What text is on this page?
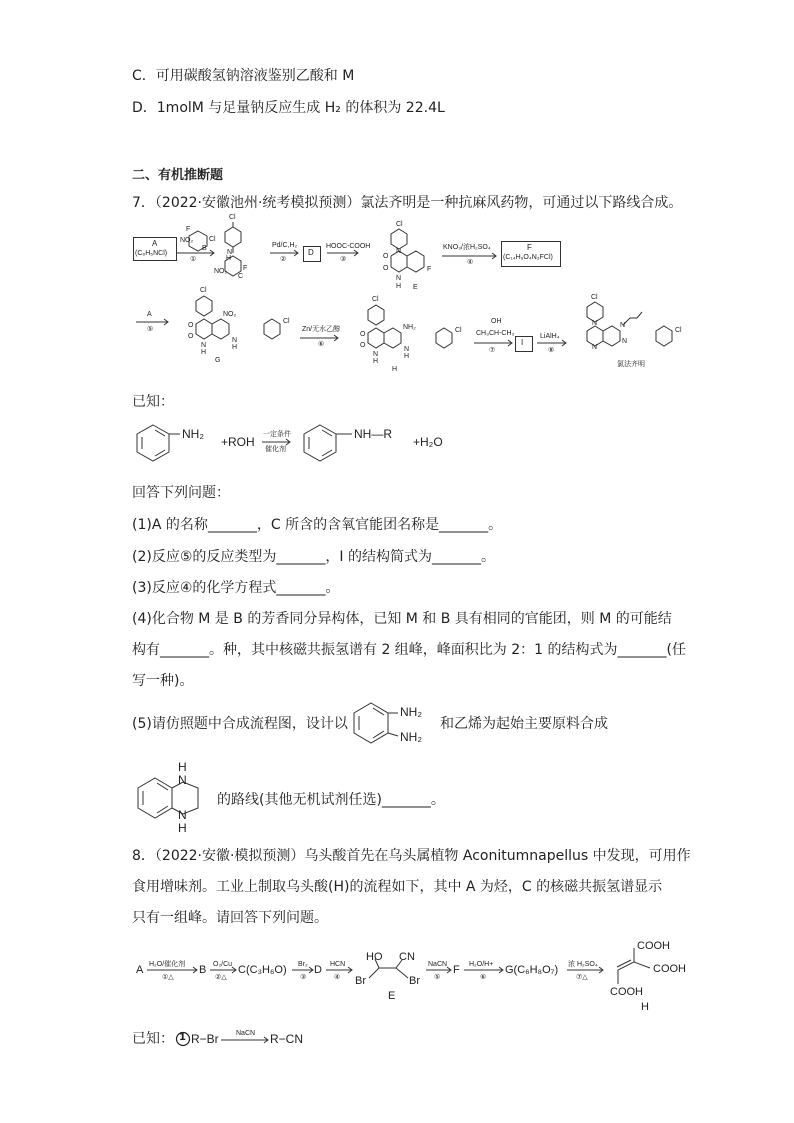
C．可用碳酸氢钠溶液鉴别乙酸和 M
D．1molM 与足量钠反应生成 H₂ 的体积为 22.4L
二、有机推断题
7．（2022·安徽池州·统考模拟预测）氯法齐明是一种抗麻风药物，可通过以下路线合成。
A
(C₆H₅NCl)
NO₂
F
Cl
B
①
Cl
N
H
NO₂
C
F
Pd/C,H₂
②
D
HOOC-COOH
③
Cl
N
O
O
N
H E
F
KNO₃/浓H₂SO₄
④
F
(C₁₄H₉O₄N₃FCl)
A
⑤
Cl
O
O
N
H
NO₂
N
H
Cl
G
Zn/无水乙醇
⑥
Cl
O
O
N
H
NH₂
N
H
Cl
H
OH
CH₃CH-CH₃
⑦
I
LiAlH₄
⑧
Cl
N
N
N
N
Cl
氯法齐明
已知：
NH₂
+ROH
一定条件
催化剂
NH—R
+H₂O
回答下列问题：
(1)A 的名称_______，C 所含的含氧官能团名称是_______。
(2)反应⑤的反应类型为_______，I 的结构简式为_______。
(3)反应④的化学方程式_______。
(4)化合物 M 是 B 的芳香同分异构体，已知 M 和 B 具有相同的官能团，则 M 的可能结
构有_______。种，其中核磁共振氢谱有 2 组峰，峰面积比为 2：1 的结构式为_______(任
写一种)。
(5)请仿照题中合成流程图，设计以
NH₂
NH₂
和乙烯为起始主要原料合成
H
N
N
H
的路线(其他无机试剂任选)_______。
8．（2022·安徽·模拟预测）乌头酸首先在乌头属植物 Aconitumnapellus 中发现，可用作
食用增味剂。工业上制取乌头酸(H)的流程如下，其中 A 为烃，C 的核磁共振氢谱显示
只有一组峰。请回答下列问题。
A H₂O/催化剂
①△
B O₂/Cu
②△
C(C₃H₆O) Br₂
③
D HCN
④
HO CN
Br	Br
E
NaCN
⑤
F H₂O/H+
⑥
G(C₆H₈O₇) 浓 H₂SO₄
⑦△
COOH
COOH
COOH
H
已知： 1 R−Br NaCN R−CN
